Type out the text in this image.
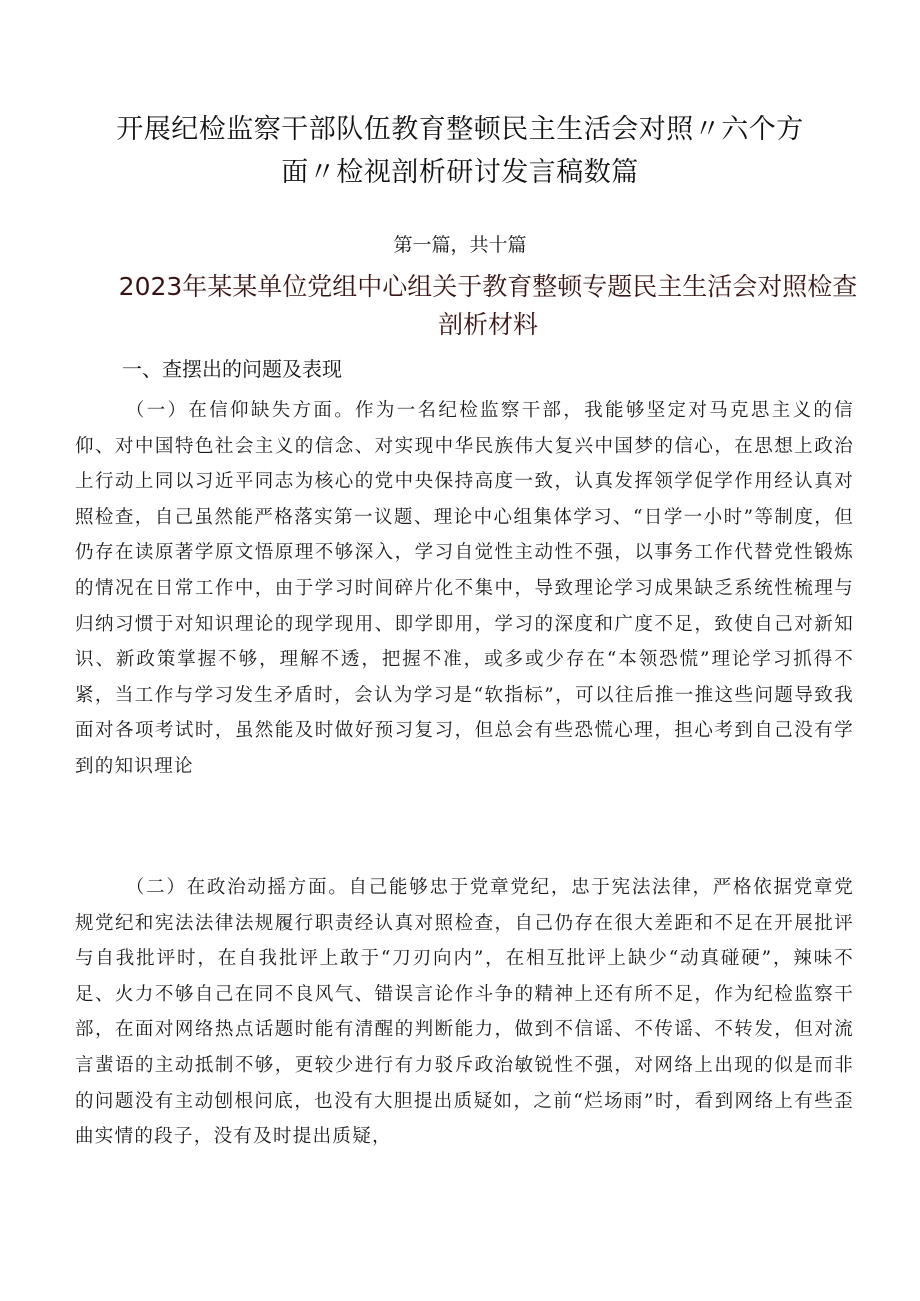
开展纪检监察干部队伍教育整顿民主生活会对照〃六个方面〃检视剖析研讨发言稿数篇
第一篇，共十篇
2023年某某单位党组中心组关于教育整顿专题民主生活会对照检查剖析材料
一、查摆出的问题及表现

（一）在信仰缺失方面。作为一名纪检监察干部，我能够坚定对马克思主义的信仰、对中国特色社会主义的信念、对实现中华民族伟大复兴中国梦的信心，在思想上政治上行动上同以习近平同志为核心的党中央保持高度一致，认真发挥领学促学作用经认真对照检查，自己虽然能严格落实第一议题、理论中心组集体学习、“日学一小时”等制度，但仍存在读原著学原文悟原理不够深入，学习自觉性主动性不强，以事务工作代替党性锻炼的情况在日常工作中，由于学习时间碎片化不集中，导致理论学习成果缺乏系统性梳理与归纳习惯于对知识理论的现学现用、即学即用，学习的深度和广度不足，致使自己对新知识、新政策掌握不够，理解不透，把握不准，或多或少存在“本领恐慌”理论学习抓得不紧，当工作与学习发生矛盾时，会认为学习是“软指标”，可以往后推一推这些问题导致我面对各项考试时，虽然能及时做好预习复习，但总会有些恐慌心理，担心考到自己没有学到的知识理论

（二）在政治动摇方面。自己能够忠于党章党纪，忠于宪法法律，严格依据党章党规党纪和宪法法律法规履行职责经认真对照检查，自己仍存在很大差距和不足在开展批评与自我批评时，在自我批评上敢于“刀刃向内”，在相互批评上缺少“动真碰硬”，辣味不足、火力不够自己在同不良风气、错误言论作斗争的精神上还有所不足，作为纪检监察干部，在面对网络热点话题时能有清醒的判断能力，做到不信谣、不传谣、不转发，但对流言蜚语的主动抵制不够，更较少进行有力驳斥政治敏锐性不强，对网络上出现的似是而非的问题没有主动刨根问底，也没有大胆提出质疑如，之前“烂场雨”时，看到网络上有些歪曲实情的段子，没有及时提出质疑，
